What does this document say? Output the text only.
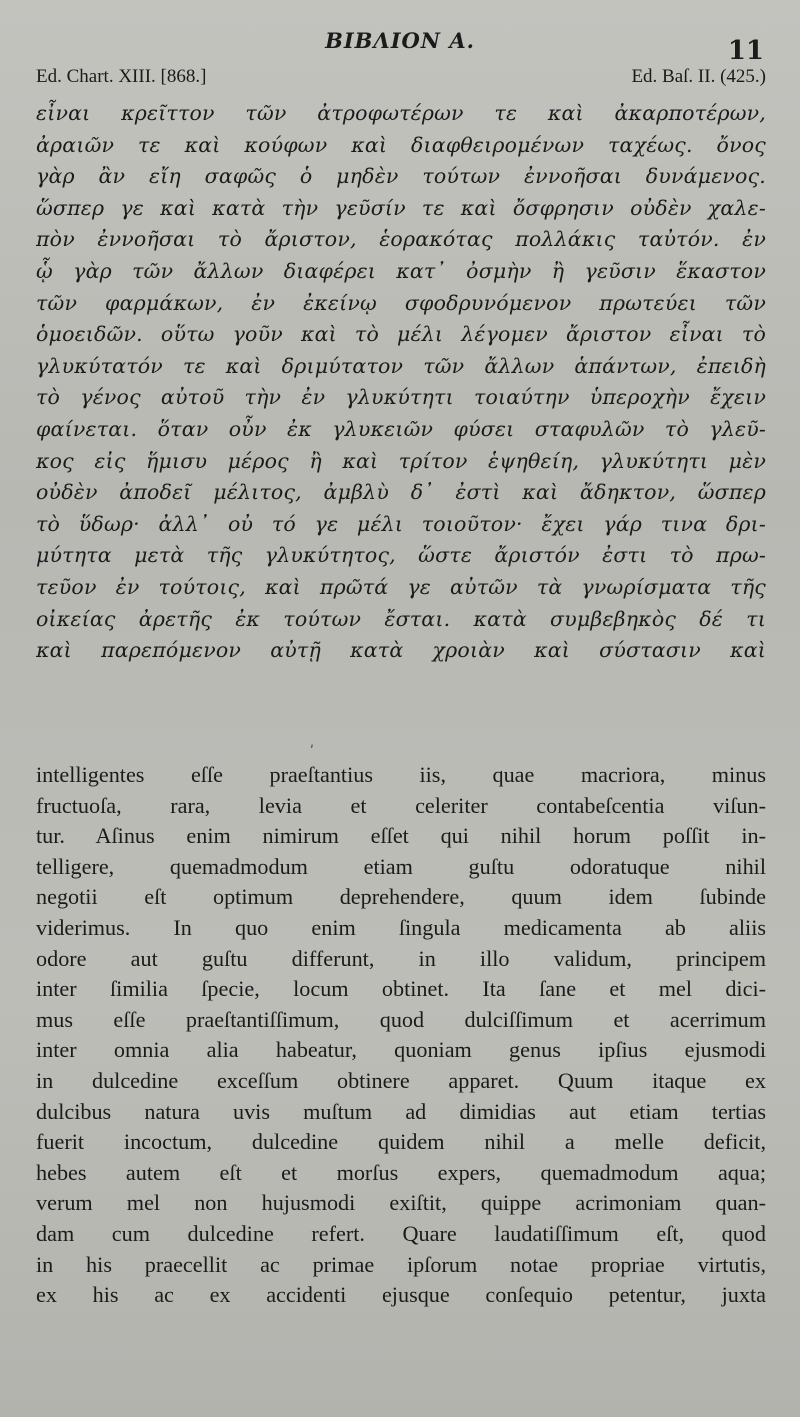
BIBΛION A.	11
Ed. Chart. XIII. [868.]	Ed. Baſ. II. (425.)
εἶναι κρεῖττον τῶν ἀτροφωτέρων τε καὶ ἀκαρποτέρων,
ἀραιῶν τε καὶ κούφων καὶ διαφθειρομένων ταχέως. ὄνος
γὰρ ἂν εἴη σαφῶς ὁ μηδὲν τούτων ἐννοῆσαι δυνάμενος.
ὥσπερ γε καὶ κατὰ τὴν γεῦσίν τε καὶ ὄσφρησιν οὐδὲν χαλε-
πὸν ἐννοῆσαι τὸ ἄριστον, ἑορακότας πολλάκις ταὐτόν. ἐν
ᾧ γὰρ τῶν ἄλλων διαφέρει κατ᾽ ὀσμὴν ἢ γεῦσιν ἕκαστον
τῶν φαρμάκων, ἐν ἐκείνῳ σφοδρυνόμενον πρωτεύει τῶν
ὁμοειδῶν. οὕτω γοῦν καὶ τὸ μέλι λέγομεν ἄριστον εἶναι τὸ
γλυκύτατόν τε καὶ δριμύτατον τῶν ἄλλων ἁπάντων, ἐπειδὴ
τὸ γένος αὐτοῦ τὴν ἐν γλυκύτητι τοιαύτην ὑπεροχὴν ἔχειν
φαίνεται. ὅταν οὖν ἐκ γλυκειῶν φύσει σταφυλῶν τὸ γλεῦ-
κος εἰς ἥμισυ μέρος ἢ καὶ τρίτον ἑψηθείη, γλυκύτητι μὲν
οὐδὲν ἀποδεῖ μέλιτος, ἀμβλὺ δ᾽ ἐστὶ καὶ ἄδηκτον, ὥσπερ
τὸ ὕδωρ· ἀλλ᾽ οὐ τό γε μέλι τοιοῦτον· ἔχει γάρ τινα δρι-
μύτητα μετὰ τῆς γλυκύτητος, ὥστε ἄριστόν ἐστι τὸ πρω-
τεῦον ἐν τούτοις, καὶ πρῶτά γε αὐτῶν τὰ γνωρίσματα τῆς
οἰκείας ἀρετῆς ἐκ τούτων ἔσται. κατὰ συμβεβηκὸς δέ τι
καὶ παρεπόμενον αὐτῇ κατὰ χροιὰν καὶ σύστασιν καὶ
ʹ
intelligentes eſſe praeſtantius iis, quae macriora, minus
fructuoſa, rara, levia et celeriter contabeſcentia viſun-
tur. Aſinus enim nimirum eſſet qui nihil horum poſſit in-
telligere, quemadmodum etiam guſtu odoratuque nihil
negotii eſt optimum deprehendere, quum idem ſubinde
viderimus. In quo enim ſingula medicamenta ab aliis
odore aut guſtu differunt, in illo validum, principem
inter ſimilia ſpecie, locum obtinet. Ita ſane et mel dici-
mus eſſe praeſtantiſſimum, quod dulciſſimum et acerrimum
inter omnia alia habeatur, quoniam genus ipſius ejusmodi
in dulcedine exceſſum obtinere apparet. Quum itaque ex
dulcibus natura uvis muſtum ad dimidias aut etiam tertias
fuerit incoctum, dulcedine quidem nihil a melle deficit,
hebes autem eſt et morſus expers, quemadmodum aqua;
verum mel non hujusmodi exiſtit, quippe acrimoniam quan-
dam cum dulcedine refert. Quare laudatiſſimum eſt, quod
in his praecellit ac primae ipſorum notae propriae virtutis,
ex his ac ex accidenti ejusque conſequio petentur, juxta
